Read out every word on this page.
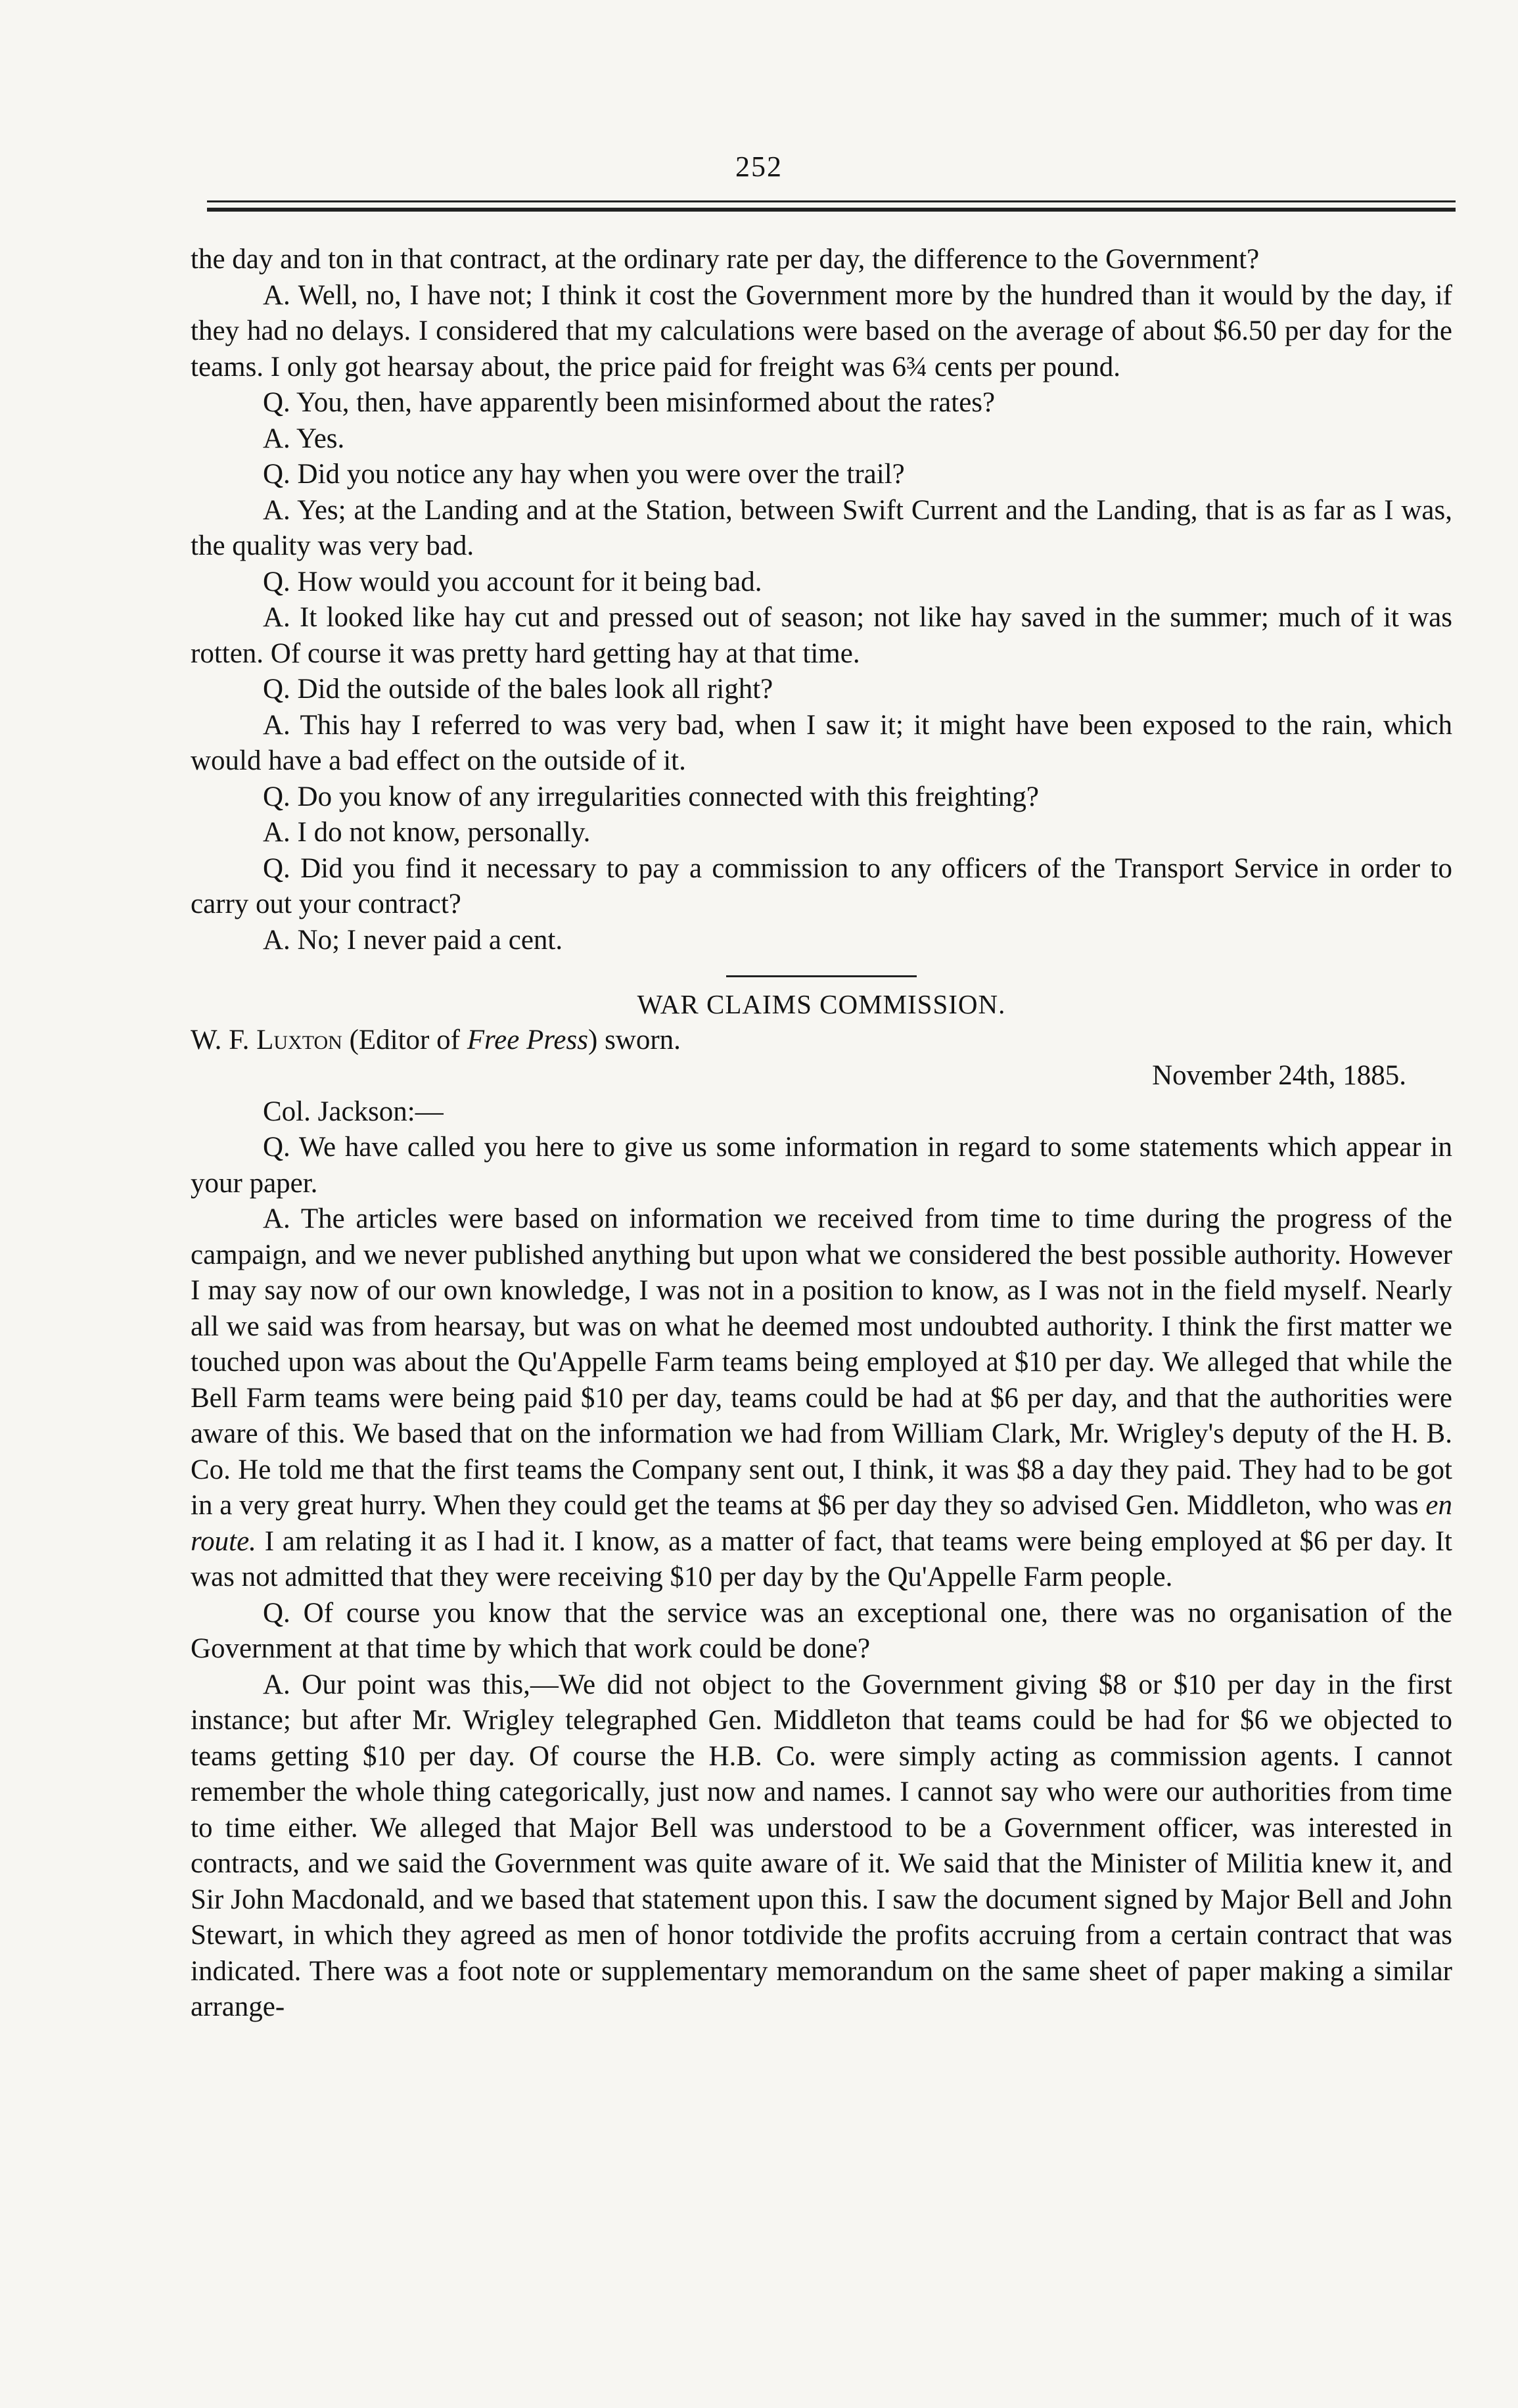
252

the day and ton in that contract, at the ordinary rate per day, the difference to the Government?

A. Well, no, I have not; I think it cost the Government more by the hundred than it would by the day, if they had no delays. I considered that my calculations were based on the average of about $6.50 per day for the teams. I only got hearsay about, the price paid for freight was 6¾ cents per pound.

Q. You, then, have apparently been misinformed about the rates?

A. Yes.

Q. Did you notice any hay when you were over the trail?

A. Yes; at the Landing and at the Station, between Swift Current and the Landing, that is as far as I was, the quality was very bad.

Q. How would you account for it being bad.

A. It looked like hay cut and pressed out of season; not like hay saved in the summer; much of it was rotten. Of course it was pretty hard getting hay at that time.

Q. Did the outside of the bales look all right?

A. This hay I referred to was very bad, when I saw it; it might have been exposed to the rain, which would have a bad effect on the outside of it.

Q. Do you know of any irregularities connected with this freighting?

A. I do not know, personally.

Q. Did you find it necessary to pay a commission to any officers of the Transport Service in order to carry out your contract?

A. No; I never paid a cent.

WAR CLAIMS COMMISSION.

W. F. Luxton (Editor of Free Press) sworn.

November 24th, 1885.

Col. Jackson:—

Q. We have called you here to give us some information in regard to some statements which appear in your paper.

A. The articles were based on information we received from time to time during the progress of the campaign, and we never published anything but upon what we considered the best possible authority. However I may say now of our own knowledge, I was not in a position to know, as I was not in the field myself. Nearly all we said was from hearsay, but was on what he deemed most undoubted authority. I think the first matter we touched upon was about the Qu'Appelle Farm teams being employed at $10 per day. We alleged that while the Bell Farm teams were being paid $10 per day, teams could be had at $6 per day, and that the authorities were aware of this. We based that on the information we had from William Clark, Mr. Wrigley's deputy of the H. B. Co. He told me that the first teams the Company sent out, I think, it was $8 a day they paid. They had to be got in a very great hurry. When they could get the teams at $6 per day they so advised Gen. Middleton, who was en route. I am relating it as I had it. I know, as a matter of fact, that teams were being employed at $6 per day. It was not admitted that they were receiving $10 per day by the Qu'Appelle Farm people.

Q. Of course you know that the service was an exceptional one, there was no organisation of the Government at that time by which that work could be done?

A. Our point was this,—We did not object to the Government giving $8 or $10 per day in the first instance; but after Mr. Wrigley telegraphed Gen. Middleton that teams could be had for $6 we objected to teams getting $10 per day. Of course the H.B. Co. were simply acting as commission agents. I cannot remember the whole thing categorically, just now and names. I cannot say who were our authorities from time to time either. We alleged that Major Bell was understood to be a Government officer, was interested in contracts, and we said the Government was quite aware of it. We said that the Minister of Militia knew it, and Sir John Macdonald, and we based that statement upon this. I saw the document signed by Major Bell and John Stewart, in which they agreed as men of honor totdivide the profits accruing from a certain contract that was indicated. There was a foot note or supplementary memorandum on the same sheet of paper making a similar arrange-
